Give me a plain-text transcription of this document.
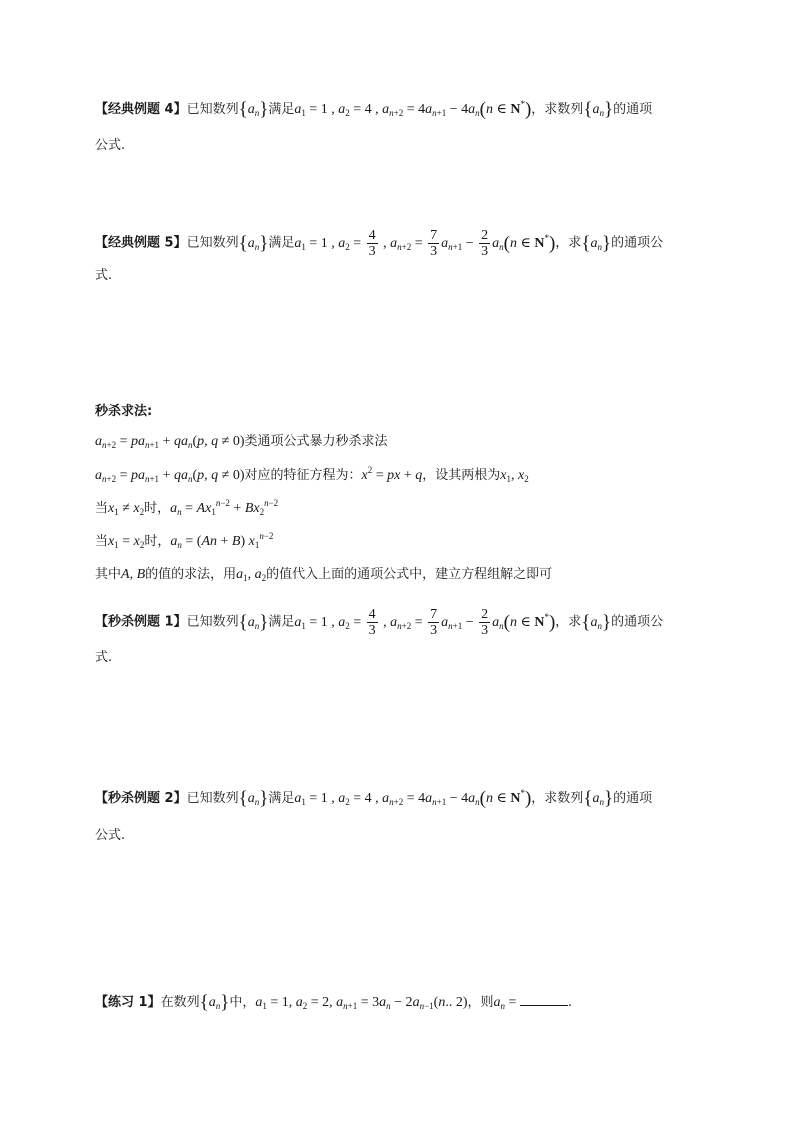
【经典例题 4】已知数列$\{a_n\}$满足$a_1 = 1$ , $a_2 = 4$ , $a_{n+2} = 4a_{n+1} - 4a_n(n$ ∈ N*)，求数列$\{a_n\}$的通项
公式.
【经典例题 5】已知数列$\{a_n\}$满足$a_1 = 1$ , $a_2 = \frac{4}{3}$ , $a_{n+2} = \frac{7}{3} a_{n+1} - \frac{2}{3} a_n(n$ ∈ N*)，求$\{a_n\}$的通项公
式.
秒杀求法:
$a_{n+2} = pa_{n+1} + qa_n(p$, q ≠ 0)类通项公式暴力秒杀求法
$a_{n+2} = pa_{n+1} + qa_n(p$, q ≠ 0)对应的特征方程为：$x^2$ = px + q，设其两根为$x_1$, $x_2$
当$x_1 \ne x_2$时，$a_n = Ax_1^{n-2} + Bx_2^{n-2}$
当$x_1 = x_2$时，$a_n = (An + B)$ $x_1^{n-2}$
其中A, B的值的求法，用$a_1$, $a_2$的值代入上面的通项公式中，建立方程组解之即可
【秒杀例题 1】已知数列$\{a_n\}$满足$a_1 = 1$ , $a_2 = \frac{4}{3}$ , $a_{n+2} = \frac{7}{3} a_{n+1} - \frac{2}{3} a_n(n$ ∈ N*)，求$\{a_n\}$的通项公
式.
【秒杀例题 2】已知数列$\{a_n\}$满足$a_1 = 1$ , $a_2 = 4$ , $a_{n+2} = 4a_{n+1} - 4a_n(n$ ∈ N*)，求数列$\{a_n\}$的通项
公式.
【练习 1】在数列$\{a_n\}$中，$a_1 = 1$, $a_2 = 2$, $a_{n+1} = 3a_n - 2a_{n-1}(n$.. 2)，则$a_n$ =	.
